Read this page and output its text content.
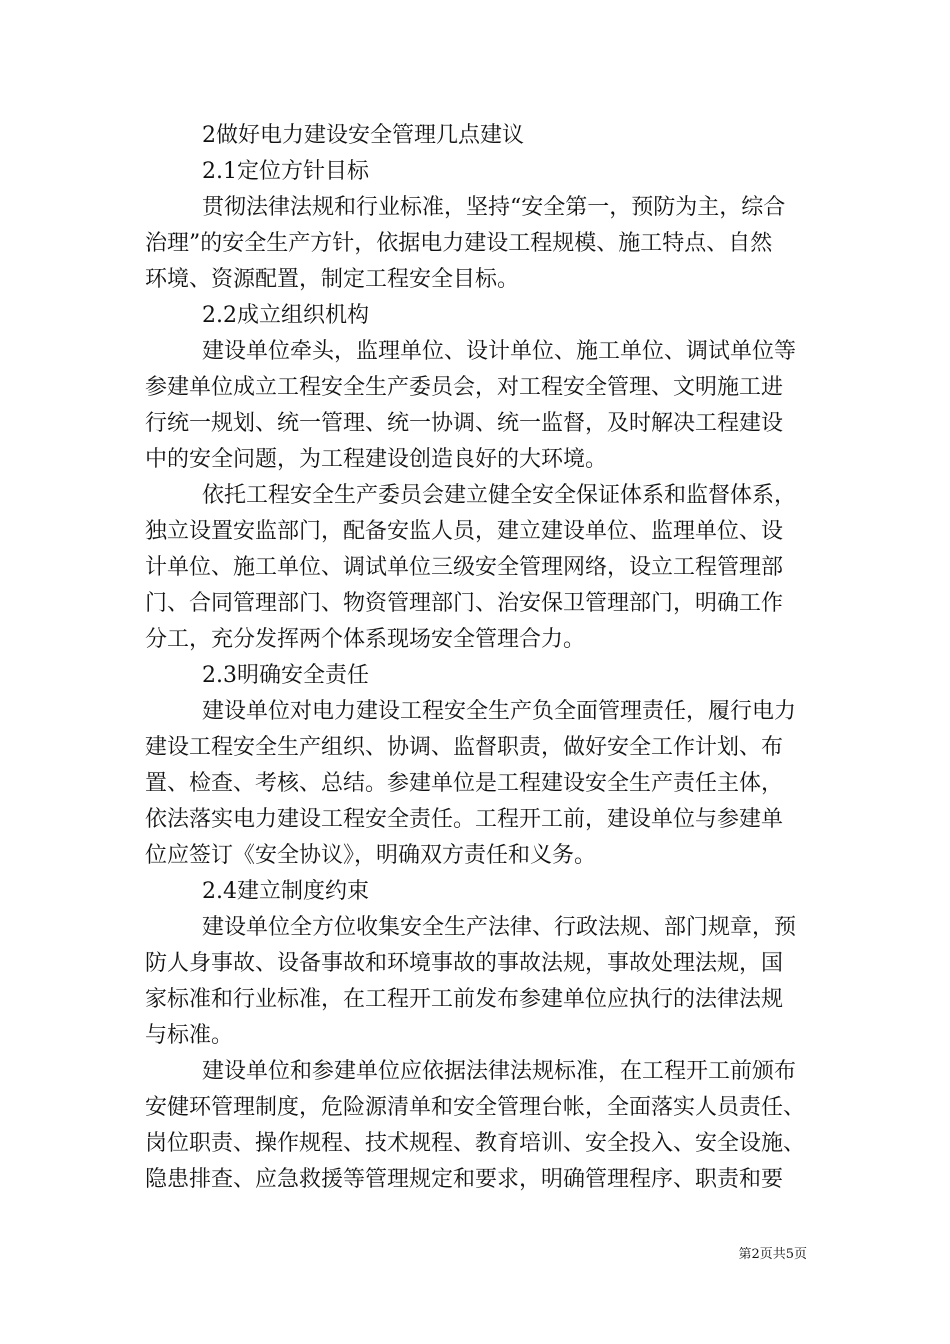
2做好电力建设安全管理几点建议
2.1定位方针目标
贯彻法律法规和行业标准，坚持“安全第一，预防为主，综合
治理”的安全生产方针，依据电力建设工程规模、施工特点、自然
环境、资源配置，制定工程安全目标。
2.2成立组织机构
建设单位牵头，监理单位、设计单位、施工单位、调试单位等
参建单位成立工程安全生产委员会，对工程安全管理、文明施工进
行统一规划、统一管理、统一协调、统一监督，及时解决工程建设
中的安全问题，为工程建设创造良好的大环境。
依托工程安全生产委员会建立健全安全保证体系和监督体系，
独立设置安监部门，配备安监人员，建立建设单位、监理单位、设
计单位、施工单位、调试单位三级安全管理网络，设立工程管理部
门、合同管理部门、物资管理部门、治安保卫管理部门，明确工作
分工，充分发挥两个体系现场安全管理合力。
2.3明确安全责任
建设单位对电力建设工程安全生产负全面管理责任，履行电力
建设工程安全生产组织、协调、监督职责，做好安全工作计划、布
置、检查、考核、总结。参建单位是工程建设安全生产责任主体，
依法落实电力建设工程安全责任。工程开工前，建设单位与参建单
位应签订《安全协议》，明确双方责任和义务。
2.4建立制度约束
建设单位全方位收集安全生产法律、行政法规、部门规章，预
防人身事故、设备事故和环境事故的事故法规，事故处理法规，国
家标准和行业标准，在工程开工前发布参建单位应执行的法律法规
与标准。
建设单位和参建单位应依据法律法规标准，在工程开工前颁布
安健环管理制度，危险源清单和安全管理台帐，全面落实人员责任、
岗位职责、操作规程、技术规程、教育培训、安全投入、安全设施、
隐患排查、应急救援等管理规定和要求，明确管理程序、职责和要
第2页共5页
